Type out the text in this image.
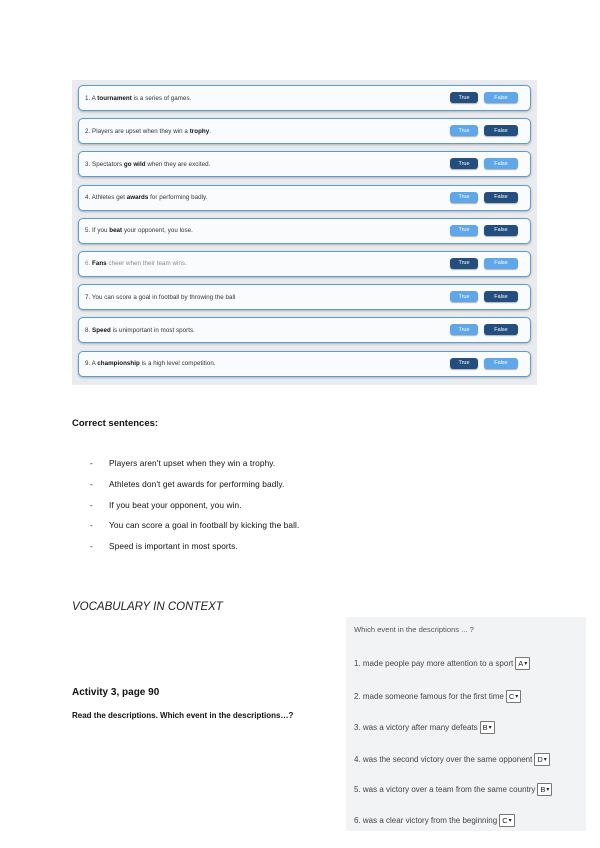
1. A tournament is a series of games.	True	False
2. Players are upset when they win a trophy.	True	False
3. Spectators go wild when they are excited.	True	False
4. Athletes get awards for performing badly.	True	False
5. If you beat your opponent, you lose.	True	False
6. Fans cheer when their team wins.	True	False
7. You can score a goal in football by throwing the ball	True	False
8. Speed is unimportant in most sports.	True	False
9. A championship is a high level competition.	True	False
Correct sentences:
- Players aren't upset when they win a trophy.
- Athletes don't get awards for performing badly.
- If you beat your opponent, you win.
- You can score a goal in football by kicking the ball.
- Speed is important in most sports.
VOCABULARY IN CONTEXT
Activity 3, page 90
Read the descriptions. Which event in the descriptions…?
Which event in the descriptions ... ?
1. made people pay more attention to a sport A ▾
2. made someone famous for the first time C ▾
3. was a victory after many defeats B ▾
4. was the second victory over the same opponent D ▾
5. was a victory over a team from the same country B ▾
6. was a clear victory from the beginning C ▾
